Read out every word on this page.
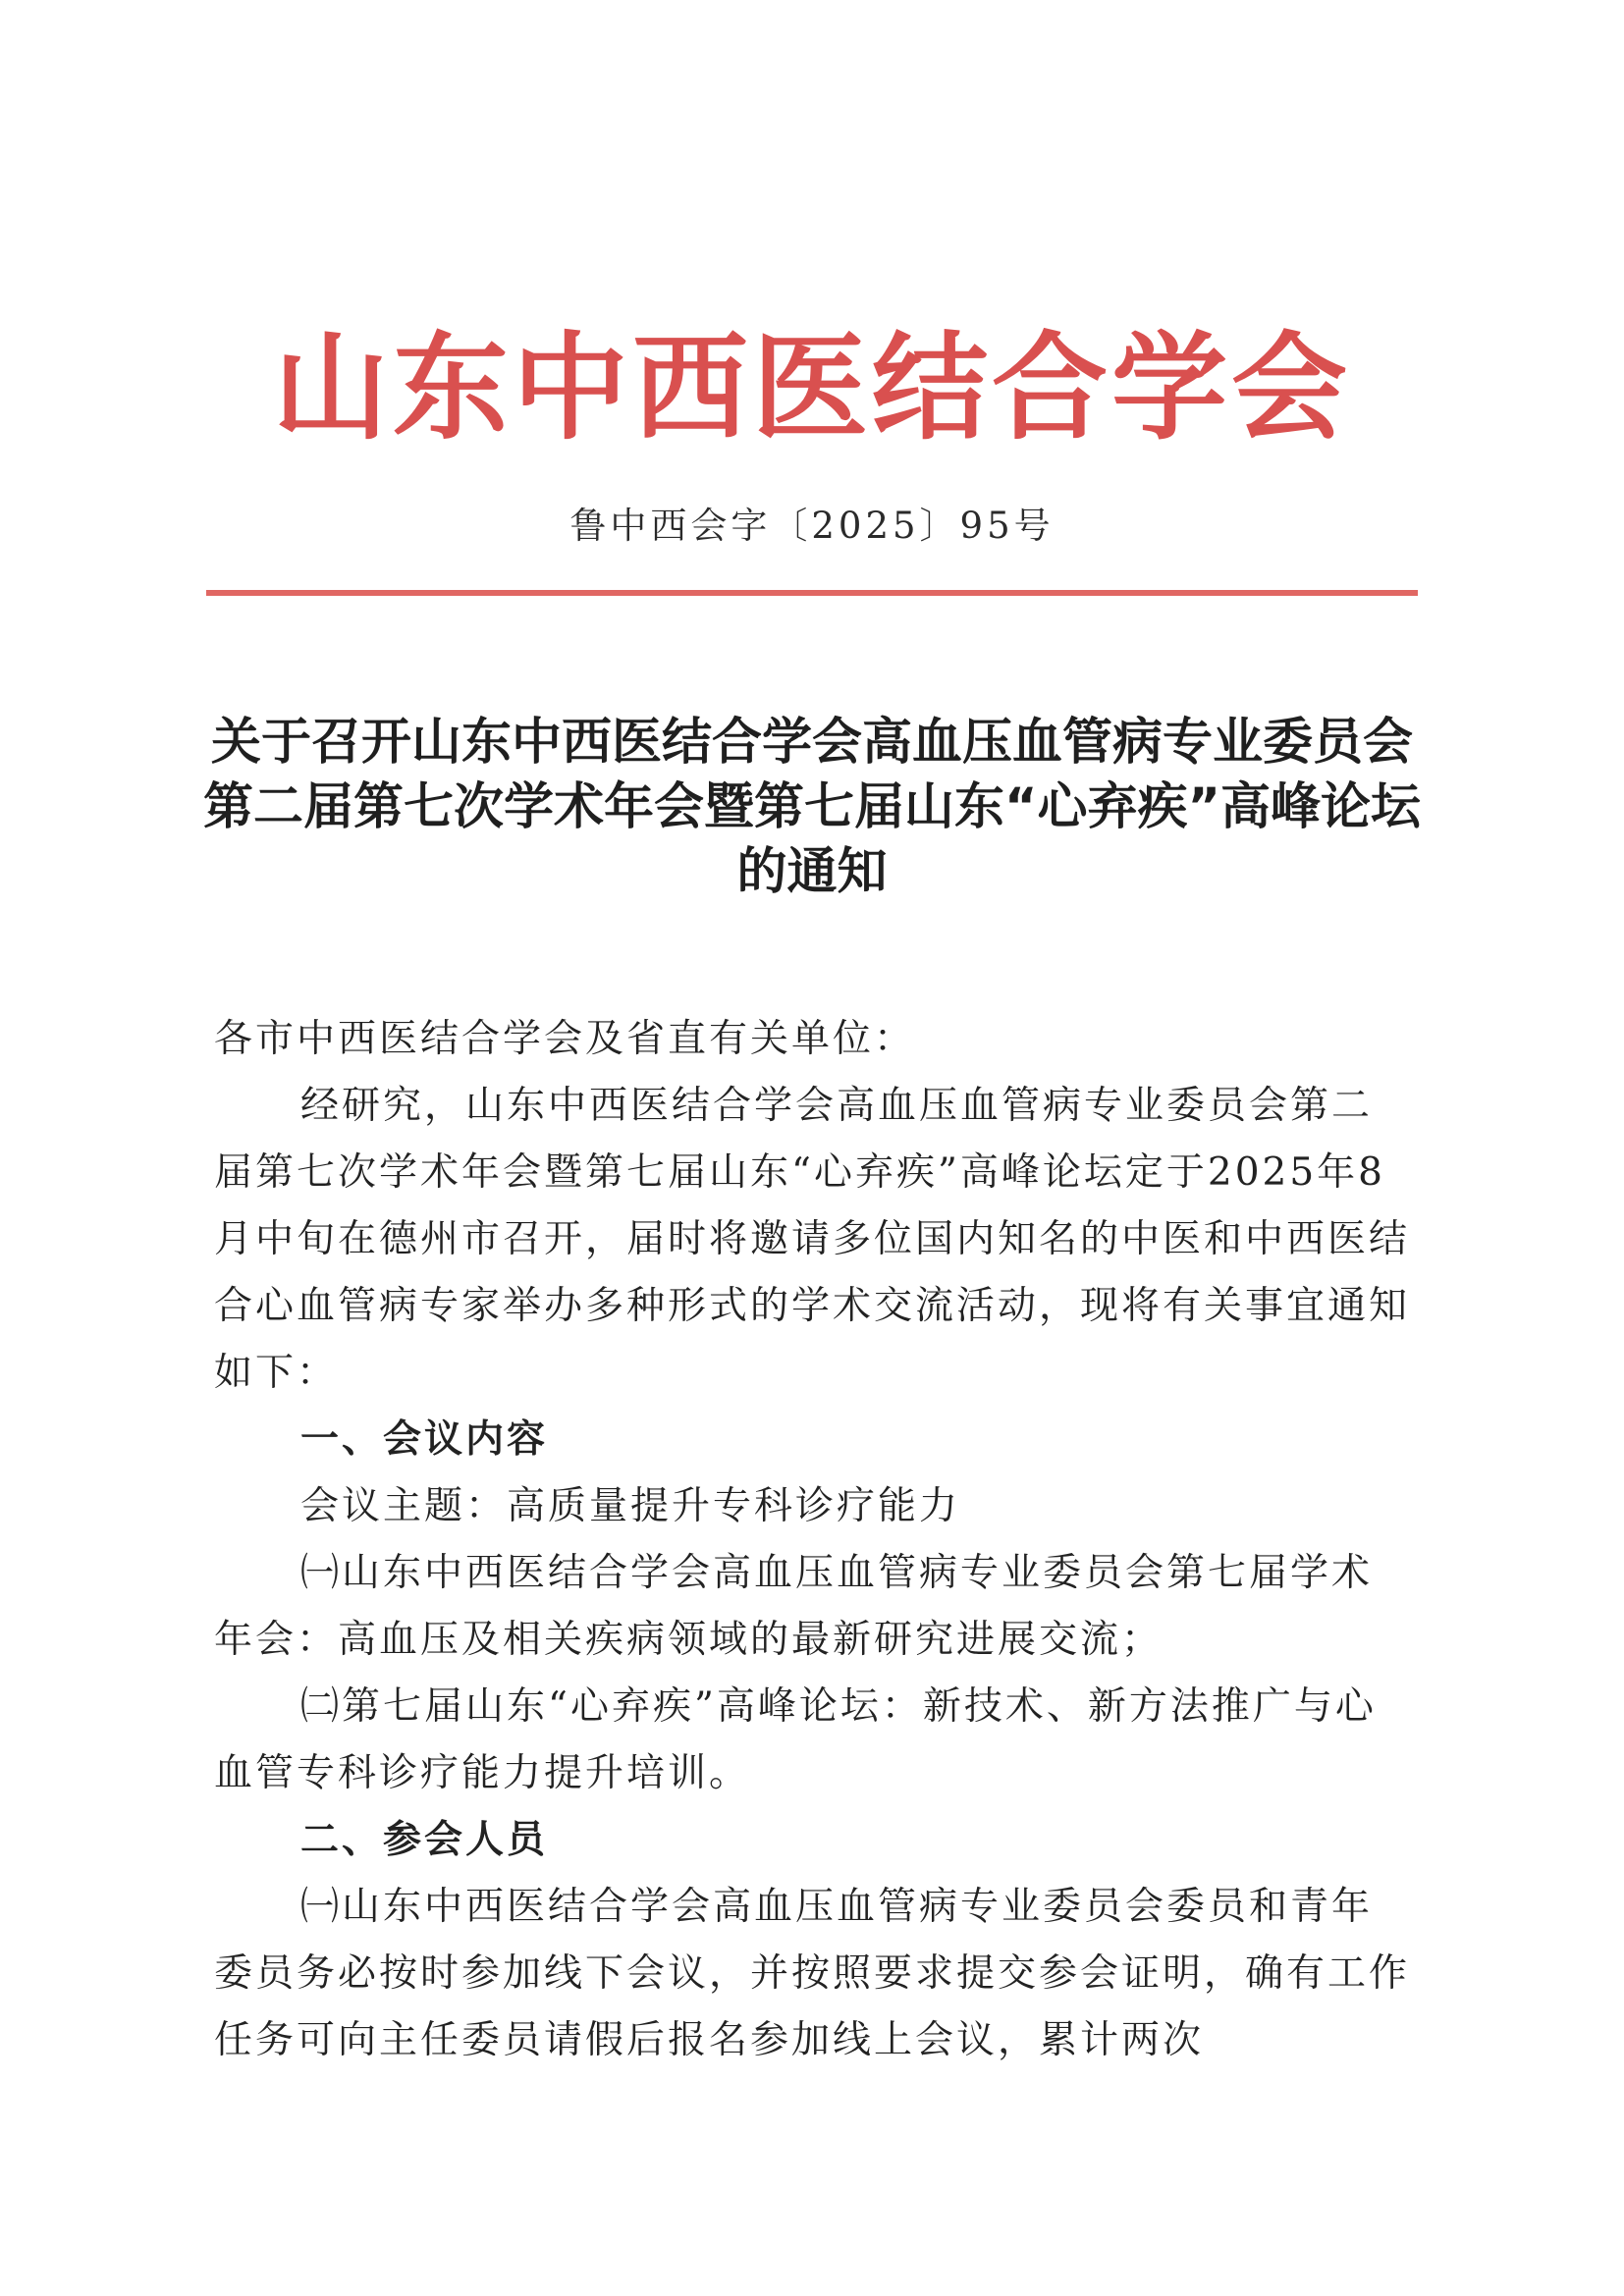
山东中西医结合学会
鲁中西会字〔2025〕95号
关于召开山东中西医结合学会高血压血管病专业委员会第二届第七次学术年会暨第七届山东“心弃疾”高峰论坛的通知

各市中西医结合学会及省直有关单位：

经研究，山东中西医结合学会高血压血管病专业委员会第二届第七次学术年会暨第七届山东“心弃疾”高峰论坛定于2025年8月中旬在德州市召开，届时将邀请多位国内知名的中医和中西医结合心血管病专家举办多种形式的学术交流活动，现将有关事宜通知如下：

一、会议内容

会议主题：高质量提升专科诊疗能力

㈠山东中西医结合学会高血压血管病专业委员会第七届学术年会：高血压及相关疾病领域的最新研究进展交流；

㈡第七届山东“心弃疾”高峰论坛：新技术、新方法推广与心血管专科诊疗能力提升培训。

二、参会人员

㈠山东中西医结合学会高血压血管病专业委员会委员和青年委员务必按时参加线下会议，并按照要求提交参会证明，确有工作任务可向主任委员请假后报名参加线上会议，累计两次
